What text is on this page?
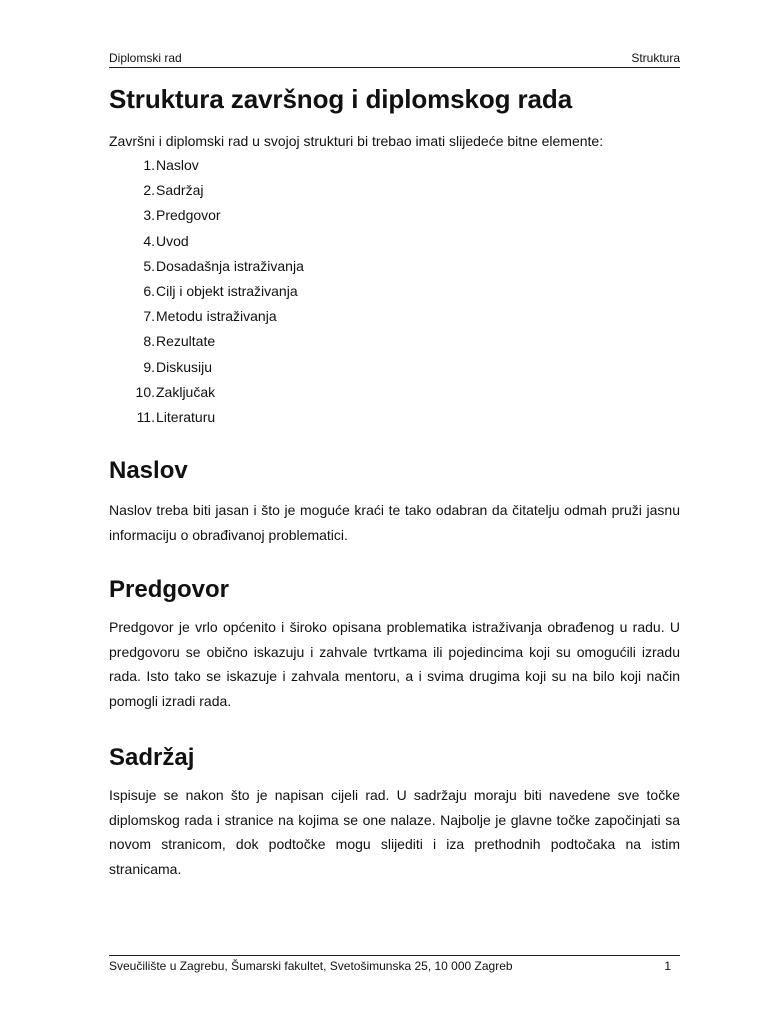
Diplomski rad	Struktura
Struktura završnog i diplomskog rada

Završni i diplomski rad u svojoj strukturi bi trebao imati slijedeće bitne elemente:

1. Naslov
2. Sadržaj
3. Predgovor
4. Uvod
5. Dosadašnja istraživanja
6. Cilj i objekt istraživanja
7. Metodu istraživanja
8. Rezultate
9. Diskusiju
10. Zaključak
11. Literaturu
Naslov

Naslov treba biti jasan i što je moguće kraći te tako odabran da čitatelju odmah pruži jasnu informaciju o obrađivanoj problematici.

Predgovor

Predgovor je vrlo općenito i široko opisana problematika istraživanja obrađenog u radu. U predgovoru se obično iskazuju i zahvale tvrtkama ili pojedincima koji su omogućili izradu rada. Isto tako se iskazuje i zahvala mentoru, a i svima drugima koji su na bilo koji način pomogli izradi rada.

Sadržaj

Ispisuje se nakon što je napisan cijeli rad. U sadržaju moraju biti navedene sve točke diplomskog rada i stranice na kojima se one nalaze. Najbolje je glavne točke započinjati sa novom stranicom, dok podtočke mogu slijediti i iza prethodnih podtočaka na istim stranicama.

Sveučilište u Zagrebu, Šumarski fakultet, Svetošimunska 25, 10 000 Zagreb	1
